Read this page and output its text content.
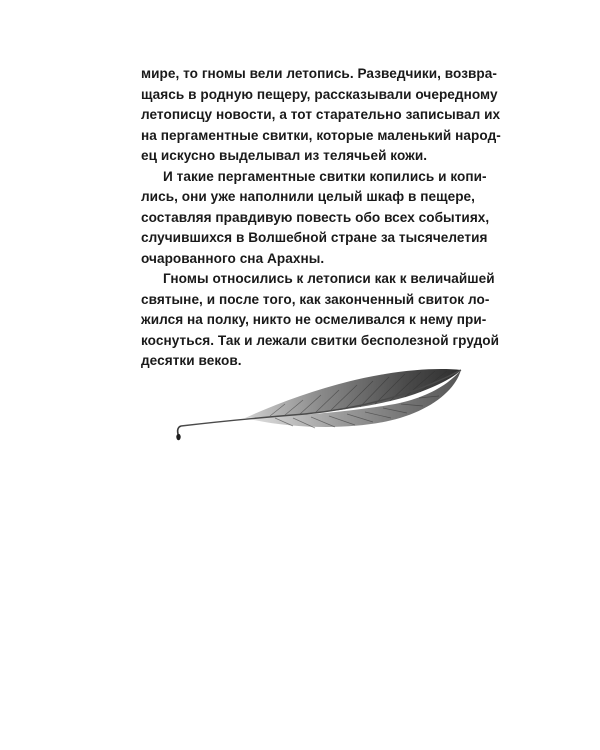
мире, то гномы вели летопись. Разведчики, возвра-
щаясь в родную пещеру, рассказывали очередному
летописцу новости, а тот старательно записывал их
на пергаментные свитки, которые маленький народ-
ец искусно выделывал из телячьей кожи.
И такие пергаментные свитки копились и копи-
лись, они уже наполнили целый шкаф в пещере,
составляя правдивую повесть обо всех событиях,
случившихся в Волшебной стране за тысячелетия
очарованного сна Арахны.
Гномы относились к летописи как к величайшей
святыне, и после того, как законченный свиток ло-
жился на полку, никто не осмеливался к нему при-
коснуться. Так и лежали свитки бесполезной грудой
десятки веков.
